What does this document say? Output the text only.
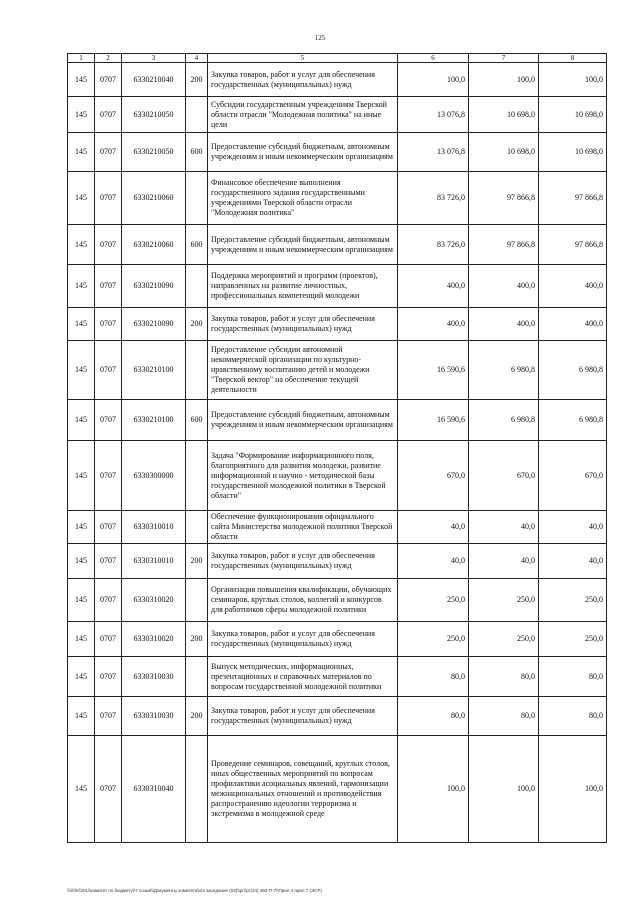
125
1	2	3	4	5	6	7	8
145	0707	6330210040	200	Закупка товаров, работ и услуг для обеспечения государственных (муниципальных) нужд	100,0	100,0	100,0
145	0707	6330210050		Субсидии государственным учреждениям Тверской области отрасли "Молодежная политика" на иные цели	13 076,8	10 698,0	10 698,0
145	0707	6330210050	600	Предоставление субсидий бюджетным, автономным учреждениям и иным некоммерческим организациям	13 076,8	10 698,0	10 698,0
145	0707	6330210060		Финансовое обеспечение выполнения государственного задания государственными учреждениями Тверской области отрасли "Молодежная политика"	83 726,0	97 866,8	97 866,8
145	0707	6330210060	600	Предоставление субсидий бюджетным, автономным учреждениям и иным некоммерческим организациям	83 726,0	97 866,8	97 866,8
145	0707	6330210090		Поддержка мероприятий и программ (проектов), направленных на развитие личностных, профессиональных компетенций молодежи	400,0	400,0	400,0
145	0707	6330210090	200	Закупка товаров, работ и услуг для обеспечения государственных (муниципальных) нужд	400,0	400,0	400,0
145	0707	6330210100		Предоставление субсидии автономной некоммерческой организации по культурно-нравственному воспитанию детей и молодежи "Тверской вектор" на обеспечение текущей деятельности	16 590,6	6 980,8	6 980,8
145	0707	6330210100	600	Предоставление субсидий бюджетным, автономным учреждениям и иным некоммерческим организациям	16 590,6	6 980,8	6 980,8
145	0707	6330300000		Задача "Формирование информационного поля, благоприятного для развития молодежи, развитие информационной и научно - методической базы государственной молодежной политики в Тверской области"	670,0	670,0	670,0
145	0707	6330310010		Обеспечение функционирования официального сайта Министерства молодежной политики Тверской области	40,0	40,0	40,0
145	0707	6330310010	200	Закупка товаров, работ и услуг для обеспечения государственных (муниципальных) нужд	40,0	40,0	40,0
145	0707	6330310020		Организация повышения квалификации, обучающих семинаров, круглых столов, коллегий и конкурсов для работников сферы молодежной политики	250,0	250,0	250,0
145	0707	6330310020	200	Закупка товаров, работ и услуг для обеспечения государственных (муниципальных) нужд	250,0	250,0	250,0
145	0707	6330310030		Выпуск методических, информационных, презентационных и справочных материалов по вопросам государственной молодежной политики	80,0	80,0	80,0
145	0707	6330310030	200	Закупка товаров, работ и услуг для обеспечения государственных (муниципальных) нужд	80,0	80,0	80,0
145	0707	6330310040		Проведение семинаров, совещаний, круглых столов, иных общественных мероприятий по вопросам профилактики асоциальных явлений, гармонизации межнациональных отношений и противодействия распространению идеологии терроризма и экстремизма в молодежной среде	100,0	100,0	100,0
\\\\\\fs\\\\01\\комитет по бюджету\\7 созыв\\Документы комитета\\24 заседание (04)\\рг\\рг(24) 450-П-7\\Прил 4 прил 7 (ЭСР)
